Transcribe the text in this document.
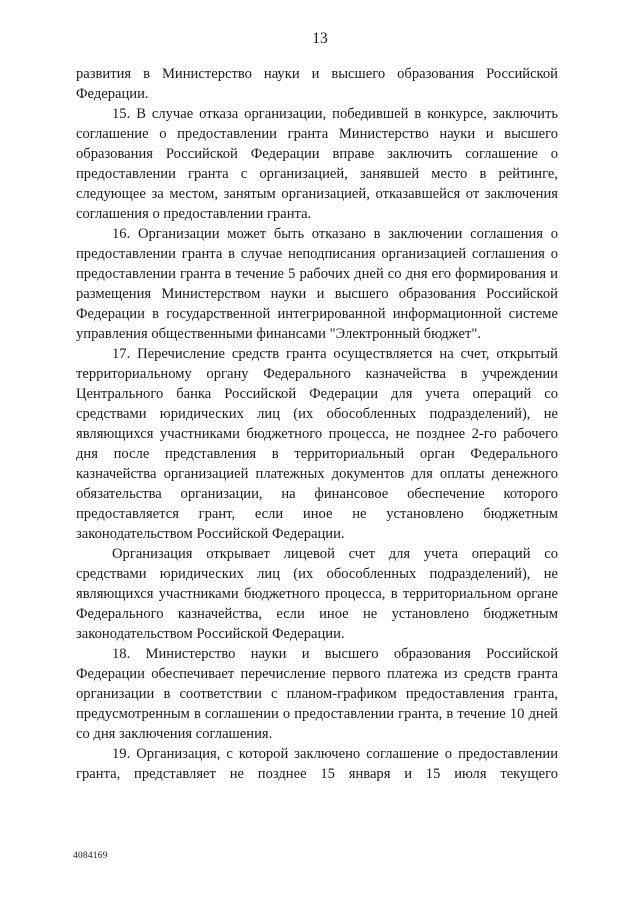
13

развития в Министерство науки и высшего образования Российской Федерации.

15. В случае отказа организации, победившей в конкурсе, заключить соглашение о предоставлении гранта Министерство науки и высшего образования Российской Федерации вправе заключить соглашение о предоставлении гранта с организацией, занявшей место в рейтинге, следующее за местом, занятым организацией, отказавшейся от заключения соглашения о предоставлении гранта.

16. Организации может быть отказано в заключении соглашения о предоставлении гранта в случае неподписания организацией соглашения о предоставлении гранта в течение 5 рабочих дней со дня его формирования и размещения Министерством науки и высшего образования Российской Федерации в государственной интегрированной информационной системе управления общественными финансами "Электронный бюджет".

17. Перечисление средств гранта осуществляется на счет, открытый территориальному органу Федерального казначейства в учреждении Центрального банка Российской Федерации для учета операций со средствами юридических лиц (их обособленных подразделений), не являющихся участниками бюджетного процесса, не позднее 2-го рабочего дня после представления в территориальный орган Федерального казначейства организацией платежных документов для оплаты денежного обязательства организации, на финансовое обеспечение которого предоставляется грант, если иное не установлено бюджетным законодательством Российской Федерации.

Организация открывает лицевой счет для учета операций со средствами юридических лиц (их обособленных подразделений), не являющихся участниками бюджетного процесса, в территориальном органе Федерального казначейства, если иное не установлено бюджетным законодательством Российской Федерации.

18. Министерство науки и высшего образования Российской Федерации обеспечивает перечисление первого платежа из средств гранта организации в соответствии с планом-графиком предоставления гранта, предусмотренным в соглашении о предоставлении гранта, в течение 10 дней со дня заключения соглашения.

19. Организация, с которой заключено соглашение о предоставлении гранта, представляет не позднее 15 января и 15 июля текущего

4084169
